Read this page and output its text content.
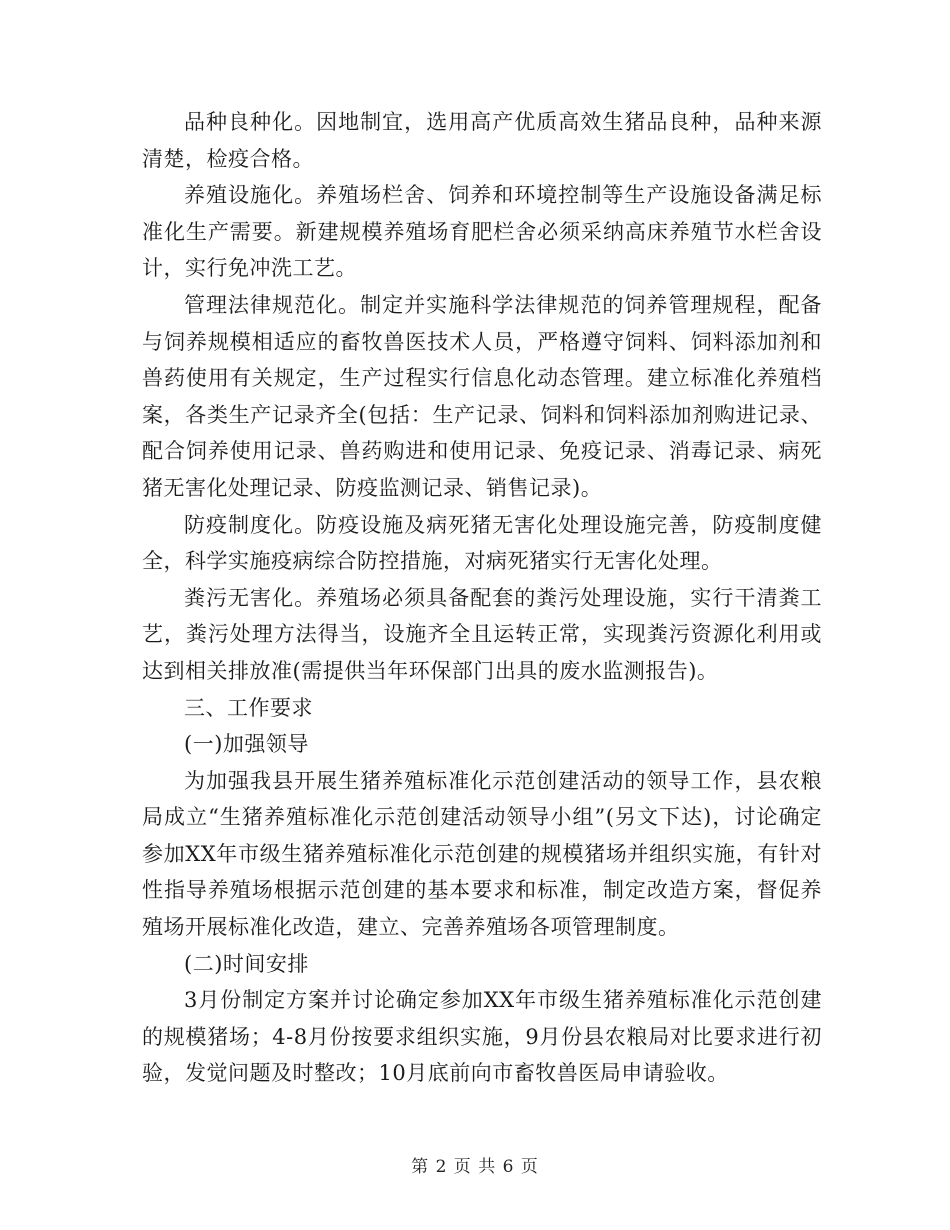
品种良种化。因地制宜，选用高产优质高效生猪品良种，品种来源清楚，检疫合格。

养殖设施化。养殖场栏舍、饲养和环境控制等生产设施设备满足标准化生产需要。新建规模养殖场育肥栏舍必须采纳高床养殖节水栏舍设计，实行免冲洗工艺。

管理法律规范化。制定并实施科学法律规范的饲养管理规程，配备与饲养规模相适应的畜牧兽医技术人员，严格遵守饲料、饲料添加剂和兽药使用有关规定，生产过程实行信息化动态管理。建立标准化养殖档案，各类生产记录齐全(包括：生产记录、饲料和饲料添加剂购进记录、配合饲养使用记录、兽药购进和使用记录、免疫记录、消毒记录、病死猪无害化处理记录、防疫监测记录、销售记录)。

防疫制度化。防疫设施及病死猪无害化处理设施完善，防疫制度健全，科学实施疫病综合防控措施，对病死猪实行无害化处理。

粪污无害化。养殖场必须具备配套的粪污处理设施，实行干清粪工艺，粪污处理方法得当，设施齐全且运转正常，实现粪污资源化利用或达到相关排放准(需提供当年环保部门出具的废水监测报告)。

三、工作要求

(一)加强领导

为加强我县开展生猪养殖标准化示范创建活动的领导工作，县农粮局成立“生猪养殖标准化示范创建活动领导小组”(另文下达)，讨论确定参加XX年市级生猪养殖标准化示范创建的规模猪场并组织实施，有针对性指导养殖场根据示范创建的基本要求和标准，制定改造方案，督促养殖场开展标准化改造，建立、完善养殖场各项管理制度。

(二)时间安排

3月份制定方案并讨论确定参加XX年市级生猪养殖标准化示范创建的规模猪场；4-8月份按要求组织实施，9月份县农粮局对比要求进行初验，发觉问题及时整改；10月底前向市畜牧兽医局申请验收。

第 2 页 共 6 页
